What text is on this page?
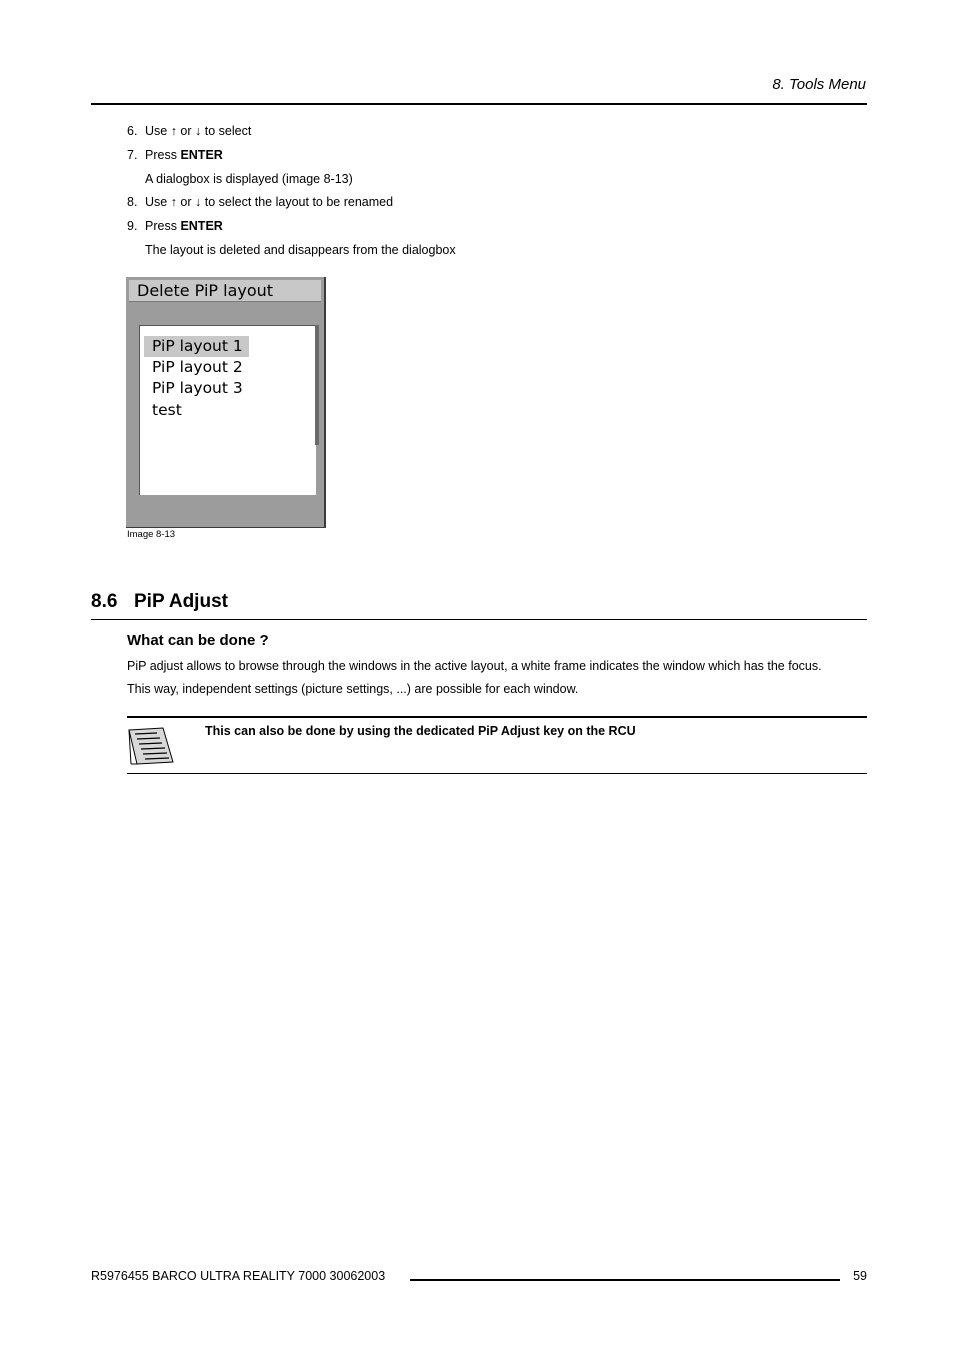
8. Tools Menu
6. Use ↑ or ↓ to select
7. Press ENTER
A dialogbox is displayed (image 8-13)
8. Use ↑ or ↓ to select the layout to be renamed
9. Press ENTER
The layout is deleted and disappears from the dialogbox
Delete PiP layout
PiP layout 1
PiP layout 2
PiP layout 3
test
Image 8-13
8.6 PiP Adjust
What can be done ?
PiP adjust allows to browse through the windows in the active layout, a white frame indicates the window which has the focus.
This way, independent settings (picture settings, ...) are possible for each window.
This can also be done by using the dedicated PiP Adjust key on the RCU
R5976455 BARCO ULTRA REALITY 7000 30062003	59
